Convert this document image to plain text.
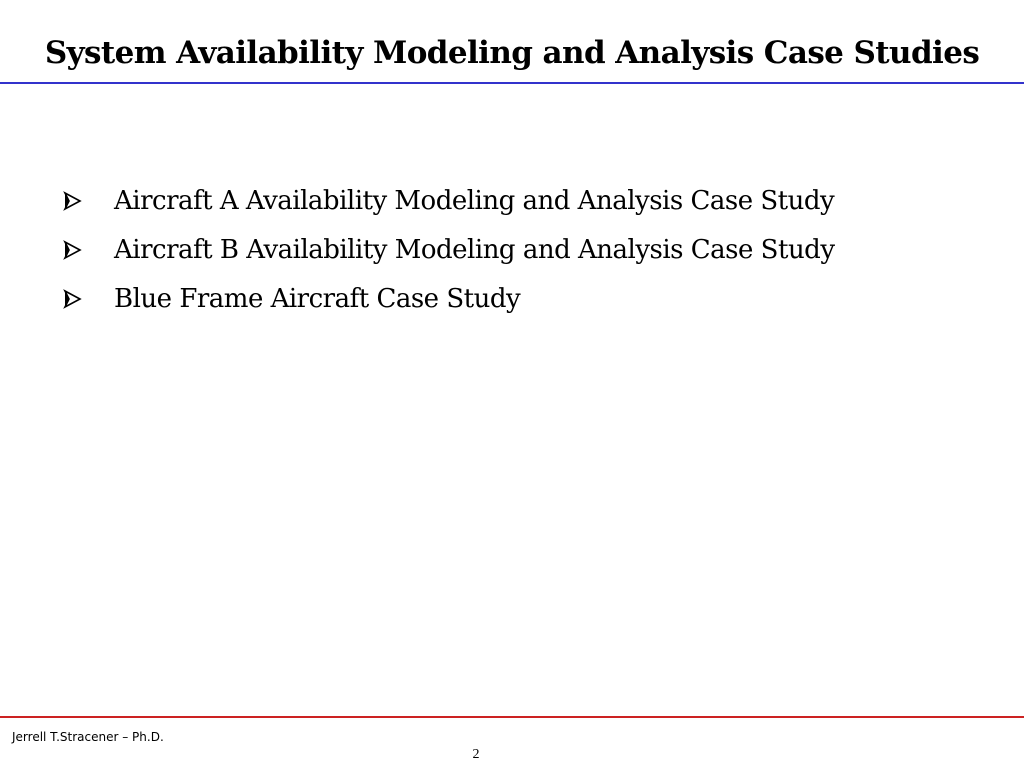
System Availability Modeling and Analysis Case Studies
Aircraft A Availability Modeling and Analysis Case Study
Aircraft B Availability Modeling and Analysis Case Study
Blue Frame Aircraft Case Study
Jerrell T.Stracener – Ph.D.
2
